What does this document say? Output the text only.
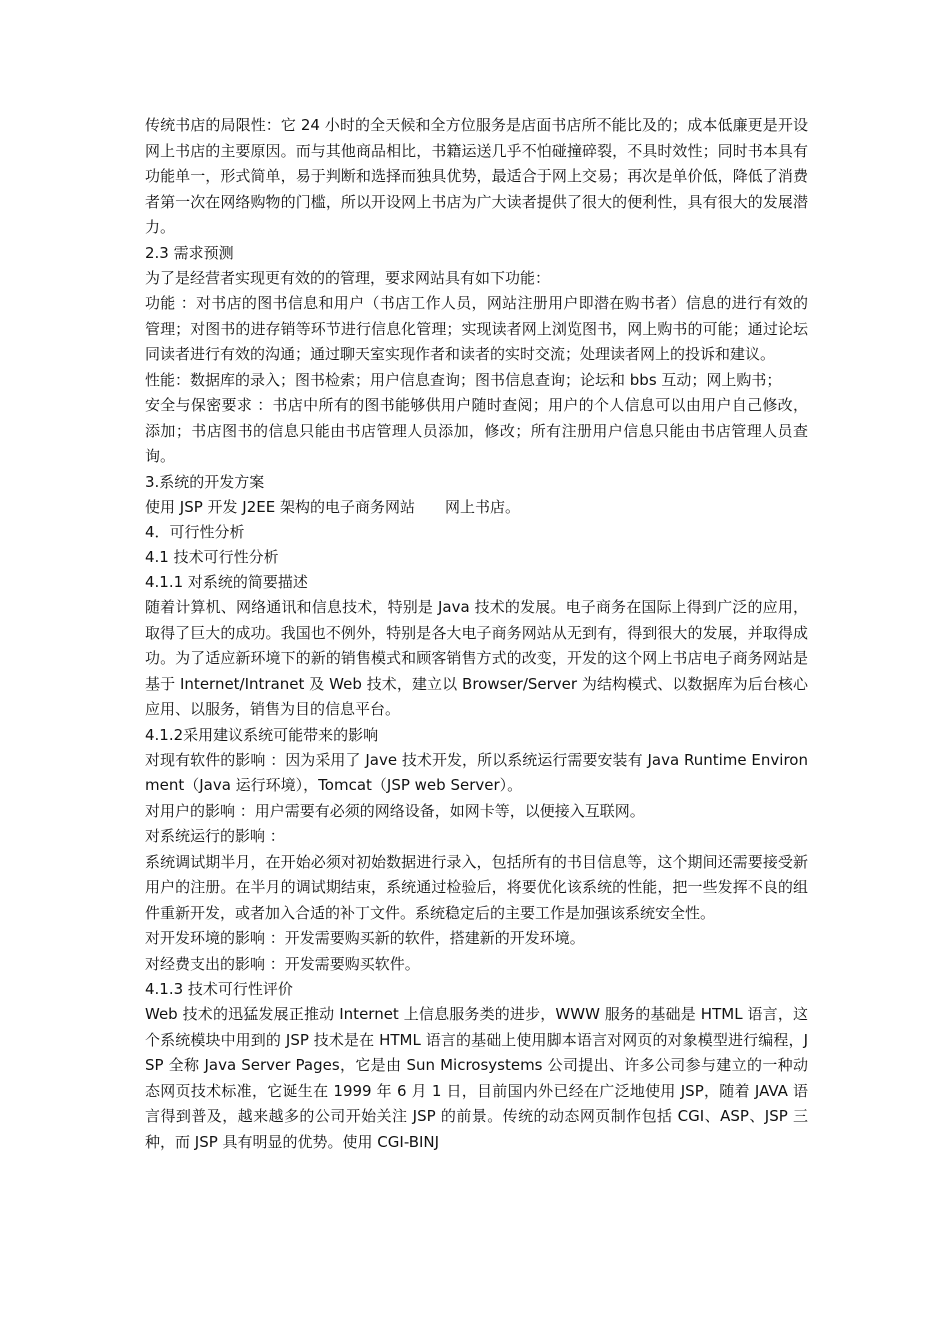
传统书店的局限性：它 24 小时的全天候和全方位服务是店面书店所不能比及的；成本低廉更是开设网上书店的主要原因。而与其他商品相比，书籍运送几乎不怕碰撞碎裂，不具时效性；同时书本具有功能单一，形式简单，易于判断和选择而独具优势，最适合于网上交易；再次是单价低，降低了消费者第一次在网络购物的门槛，所以开设网上书店为广大读者提供了很大的便利性，具有很大的发展潜力。

2.3 需求预测

为了是经营者实现更有效的的管理，要求网站具有如下功能：

功能 ：对书店的图书信息和用户（书店工作人员，网站注册用户即潜在购书者）信息的进行有效的管理；对图书的进存销等环节进行信息化管理；实现读者网上浏览图书，网上购书的可能；通过论坛同读者进行有效的沟通；通过聊天室实现作者和读者的实时交流；处理读者网上的投诉和建议。

性能：数据库的录入；图书检索；用户信息查询；图书信息查询；论坛和 bbs 互动；网上购书；

安全与保密要求 ：书店中所有的图书能够供用户随时查阅；用户的个人信息可以由用户自己修改，添加；书店图书的信息只能由书店管理人员添加，修改；所有注册用户信息只能由书店管理人员查询。

3.系统的开发方案

使用 JSP 开发 J2EE 架构的电子商务网站　　网上书店。

4．可行性分析

4.1 技术可行性分析

4.1.1 对系统的简要描述

随着计算机、网络通讯和信息技术，特别是 Java 技术的发展。电子商务在国际上得到广泛的应用，取得了巨大的成功。我国也不例外，特别是各大电子商务网站从无到有，得到很大的发展，并取得成功。为了适应新环境下的新的销售模式和顾客销售方式的改变，开发的这个网上书店电子商务网站是基于 Internet/Intranet 及 Web 技术，建立以 Browser/Server 为结构模式、以数据库为后台核心应用、以服务，销售为目的信息平台。

4.1.2采用建议系统可能带来的影响

对现有软件的影响 ：因为采用了 Jave 技术开发，所以系统运行需要安装有 Java Runtime Environment（Java 运行环境），Tomcat（JSP web Server）。

对用户的影响 ：用户需要有必须的网络设备，如网卡等，以便接入互联网。

对系统运行的影响 ：

系统调试期半月，在开始必须对初始数据进行录入，包括所有的书目信息等，这个期间还需要接受新用户的注册。在半月的调试期结束，系统通过检验后，将要优化该系统的性能，把一些发挥不良的组件重新开发，或者加入合适的补丁文件。系统稳定后的主要工作是加强该系统安全性。

对开发环境的影响 ：开发需要购买新的软件，搭建新的开发环境。

对经费支出的影响 ：开发需要购买软件。

4.1.3 技术可行性评价

Web 技术的迅猛发展正推动 Internet 上信息服务类的进步，WWW 服务的基础是 HTML 语言，这个系统模块中用到的 JSP 技术是在 HTML 语言的基础上使用脚本语言对网页的对象模型进行编程，JSP 全称 Java Server Pages，它是由 Sun Microsystems 公司提出、许多公司参与建立的一种动态网页技术标准，它诞生在 1999 年 6 月 1 日，目前国内外已经在广泛地使用 JSP，随着 JAVA 语言得到普及，越来越多的公司开始关注 JSP 的前景。传统的动态网页制作包括 CGI、ASP、JSP 三种，而 JSP 具有明显的优势。使用 CGI-BINJ
